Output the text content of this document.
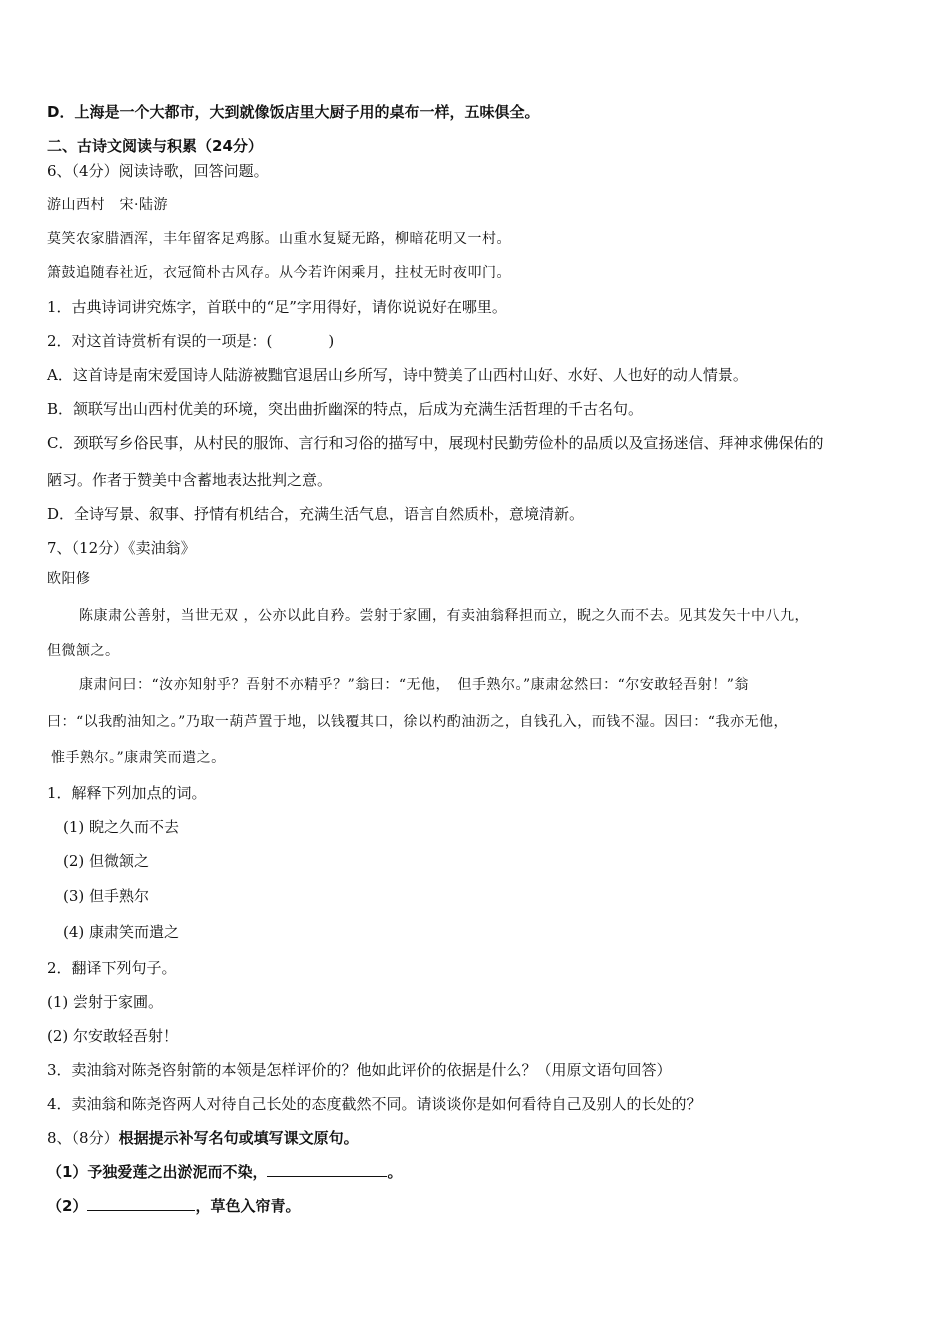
D．上海是一个大都市，大到就像饭店里大厨子用的桌布一样，五味俱全。
二、古诗文阅读与积累（24分）
6、（4分）阅读诗歌，回答问题。
游山西村　宋·陆游
莫笑农家腊酒浑，丰年留客足鸡豚。山重水复疑无路，柳暗花明又一村。
箫鼓追随春社近，衣冠简朴古风存。从今若许闲乘月，拄杖无时夜叩门。
1．古典诗词讲究炼字，首联中的“足”字用得好，请你说说好在哪里。
2．对这首诗赏析有误的一项是：(	)
A．这首诗是南宋爱国诗人陆游被黜官退居山乡所写，诗中赞美了山西村山好、水好、人也好的动人情景。
B．颔联写出山西村优美的环境，突出曲折幽深的特点，后成为充满生活哲理的千古名句。
C．颈联写乡俗民事，从村民的服饰、言行和习俗的描写中，展现村民勤劳俭朴的品质以及宣扬迷信、拜神求佛保佑的
陋习。作者于赞美中含蓄地表达批判之意。
D．全诗写景、叙事、抒情有机结合，充满生活气息，语言自然质朴，意境清新。
7、（12分）《卖油翁》
欧阳修
陈康肃公善射，当世无双 ，公亦以此自矜。尝射于家圃，有卖油翁释担而立，睨之久而不去。见其发矢十中八九，
但微颔之。
康肃问曰：“汝亦知射乎？吾射不亦精乎？”翁曰：“无他，　但手熟尔。”康肃忿然曰：“尔安敢轻吾射！”翁
曰：“以我酌油知之。”乃取一葫芦置于地，以钱覆其口，徐以杓酌油沥之，自钱孔入，而钱不湿。因曰：“我亦无他，
惟手熟尔。”康肃笑而遣之。
1．解释下列加点的词。
(1) 睨之久而不去
(2) 但微颔之
(3) 但手熟尔
(4) 康肃笑而遣之
2．翻译下列句子。
(1) 尝射于家圃。
(2) 尔安敢轻吾射！
3．卖油翁对陈尧咨射箭的本领是怎样评价的？他如此评价的依据是什么？（用原文语句回答）
4．卖油翁和陈尧咨两人对待自己长处的态度截然不同。请谈谈你是如何看待自己及别人的长处的？
8、（8分）根据提示补写名句或填写课文原句。
（1）予独爱莲之出淤泥而不染，	。
（2）	，草色入帘青。
